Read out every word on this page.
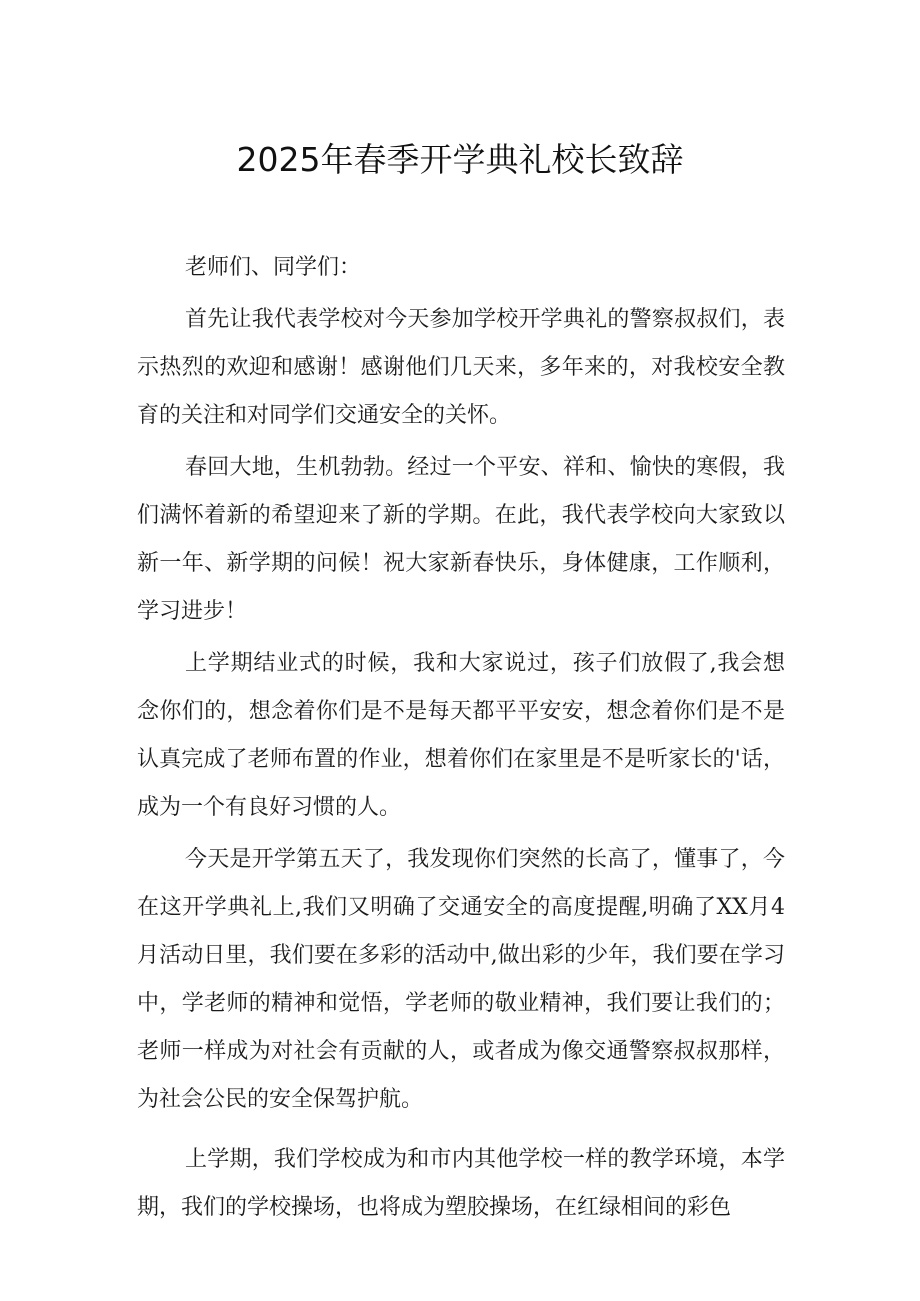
2025年春季开学典礼校长致辞

老师们、同学们：

首先让我代表学校对今天参加学校开学典礼的警察叔叔们，表示热烈的欢迎和感谢！感谢他们几天来，多年来的，对我校安全教育的关注和对同学们交通安全的关怀。

春回大地，生机勃勃。经过一个平安、祥和、愉快的寒假，我们满怀着新的希望迎来了新的学期。在此，我代表学校向大家致以新一年、新学期的问候！祝大家新春快乐，身体健康，工作顺利，学习进步！

上学期结业式的时候，我和大家说过，孩子们放假了,我会想念你们的，想念着你们是不是每天都平平安安，想念着你们是不是认真完成了老师布置的作业，想着你们在家里是不是听家长的'话，成为一个有良好习惯的人。

今天是开学第五天了，我发现你们突然的长高了，懂事了，今在这开学典礼上,我们又明确了交通安全的高度提醒,明确了XX月4月活动日里，我们要在多彩的活动中,做出彩的少年，我们要在学习中，学老师的精神和觉悟，学老师的敬业精神，我们要让我们的；老师一样成为对社会有贡献的人，或者成为像交通警察叔叔那样，为社会公民的安全保驾护航。

上学期，我们学校成为和市内其他学校一样的教学环境，本学期，我们的学校操场，也将成为塑胶操场，在红绿相间的彩色
